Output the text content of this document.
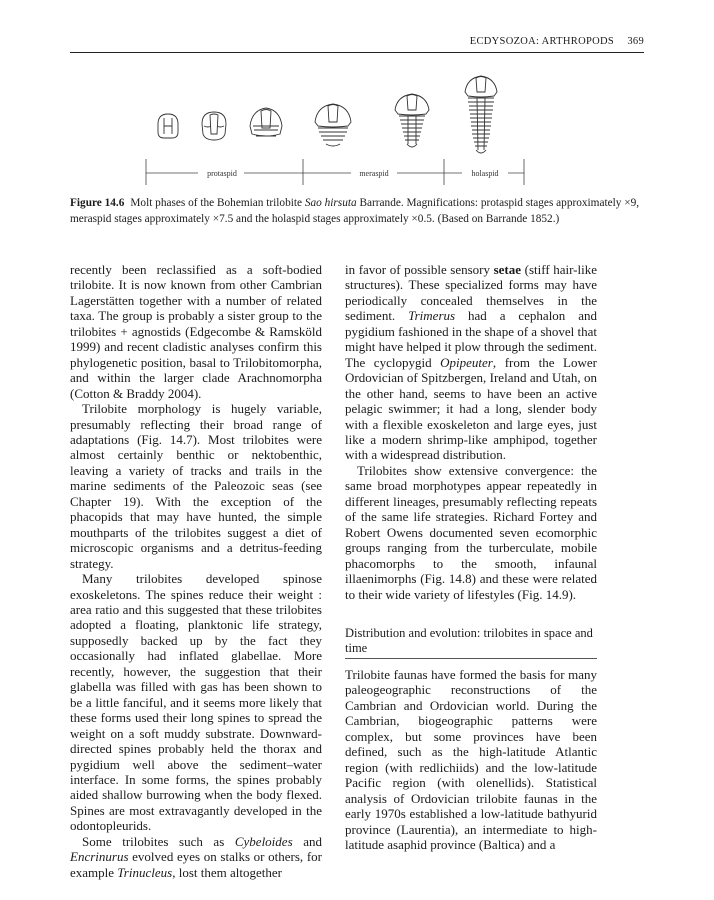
ECDYSOZOA: ARTHROPODS 369
protaspid	meraspid	holaspid
Figure 14.6 Molt phases of the Bohemian trilobite Sao hirsuta Barrande. Magnifications: protaspid stages approximately ×9, meraspid stages approximately ×7.5 and the holaspid stages approximately ×0.5. (Based on Barrande 1852.)

recently been reclassified as a soft-bodied trilobite. It is now known from other Cambrian Lagerstätten together with a number of related taxa. The group is probably a sister group to the trilobites + agnostids (Edgecombe & Ramsköld 1999) and recent cladistic analyses confirm this phylogenetic position, basal to Trilobitomorpha, and within the larger clade Arachnomorpha (Cotton & Braddy 2004).

Trilobite morphology is hugely variable, presumably reflecting their broad range of adaptations (Fig. 14.7). Most trilobites were almost certainly benthic or nektobenthic, leaving a variety of tracks and trails in the marine sediments of the Paleozoic seas (see Chapter 19). With the exception of the phacopids that may have hunted, the simple mouthparts of the trilobites suggest a diet of microscopic organisms and a detritus-feeding strategy.

Many trilobites developed spinose exoskeletons. The spines reduce their weight : area ratio and this suggested that these trilobites adopted a floating, planktonic life strategy, supposedly backed up by the fact they occasionally had inflated glabellae. More recently, however, the suggestion that their glabella was filled with gas has been shown to be a little fanciful, and it seems more likely that these forms used their long spines to spread the weight on a soft muddy substrate. Downward-directed spines probably held the thorax and pygidium well above the sediment–water interface. In some forms, the spines probably aided shallow burrowing when the body flexed. Spines are most extravagantly developed in the odontopleurids.

Some trilobites such as Cybeloides and Encrinurus evolved eyes on stalks or others, for example Trinucleus, lost them altogether

in favor of possible sensory setae (stiff hair-like structures). These specialized forms may have periodically concealed themselves in the sediment. Trimerus had a cephalon and pygidium fashioned in the shape of a shovel that might have helped it plow through the sediment. The cyclopygid Opipeuter, from the Lower Ordovician of Spitzbergen, Ireland and Utah, on the other hand, seems to have been an active pelagic swimmer; it had a long, slender body with a flexible exoskeleton and large eyes, just like a modern shrimp-like amphipod, together with a widespread distribution.

Trilobites show extensive convergence: the same broad morphotypes appear repeatedly in different lineages, presumably reflecting repeats of the same life strategies. Richard Fortey and Robert Owens documented seven ecomorphic groups ranging from the turberculate, mobile phacomorphs to the smooth, infaunal illaenimorphs (Fig. 14.8) and these were related to their wide variety of lifestyles (Fig. 14.9).

Distribution and evolution: trilobites in space and time

Trilobite faunas have formed the basis for many paleogeographic reconstructions of the Cambrian and Ordovician world. During the Cambrian, biogeographic patterns were complex, but some provinces have been defined, such as the high-latitude Atlantic region (with redlichiids) and the low-latitude Pacific region (with olenellids). Statistical analysis of Ordovician trilobite faunas in the early 1970s established a low-latitude bathyurid province (Laurentia), an intermediate to high-latitude asaphid province (Baltica) and a
